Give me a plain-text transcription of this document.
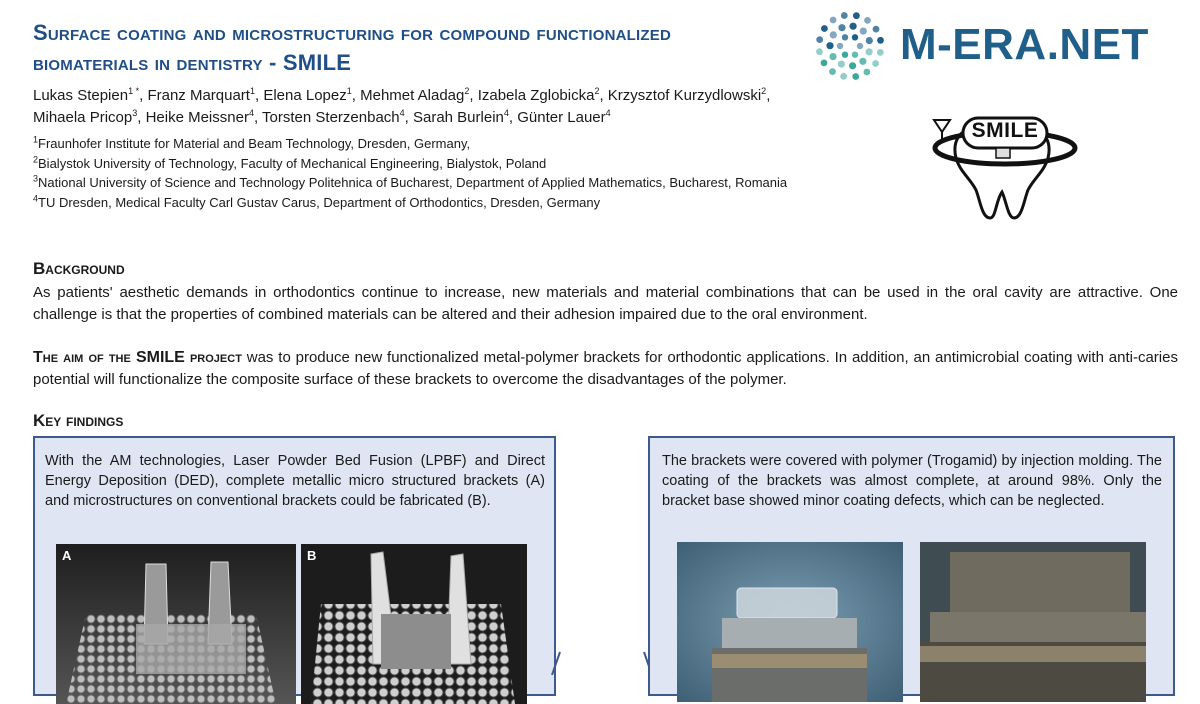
Surface coating and microstructuring for compound functionalized
biomaterials in dentistry - SMILE
Lukas Stepien$^{1 *}$, Franz Marquart$^1$, Elena Lopez$^1$, Mehmet Aladag$^2$, Izabela Zglobicka$^2$, Krzysztof Kurzydlowski$^2$, Mihaela Pricop$^3$, Heike Meissner$^4$, Torsten Sterzenbach$^4$, Sarah Burlein$^4$, Günter Lauer$^4$
$^1$Fraunhofer Institute for Material and Beam Technology, Dresden, Germany,
$^2$Bialystok University of Technology, Faculty of Mechanical Engineering, Bialystok, Poland
$^3$National University of Science and Technology Politehnica of Bucharest, Department of Applied Mathematics, Bucharest, Romania
$^4$TU Dresden, Medical Faculty Carl Gustav Carus, Department of Orthodontics, Dresden, Germany
M-ERA.NET
SMILE
Background
As patients' aesthetic demands in orthodontics continue to increase, new materials and material combinations that can be used in the oral cavity are attractive. One challenge is that the properties of combined materials can be altered and their adhesion impaired due to the oral environment.
The aim of the SMILE project was to produce new functionalized metal-polymer brackets for orthodontic applications. In addition, an antimicrobial coating with anti-caries potential will functionalize the composite surface of these brackets to overcome the disadvantages of the polymer.
Key findings
With the AM technologies, Laser Powder Bed Fusion (LPBF) and Direct Energy Deposition (DED), complete metallic micro structured brackets (A) and microstructures on conventional brackets could be fabricated (B).
A	B
The brackets were covered with polymer (Trogamid) by injection molding. The coating of the brackets was almost complete, at around 98%. Only the bracket base showed minor coating defects, which can be neglected.
